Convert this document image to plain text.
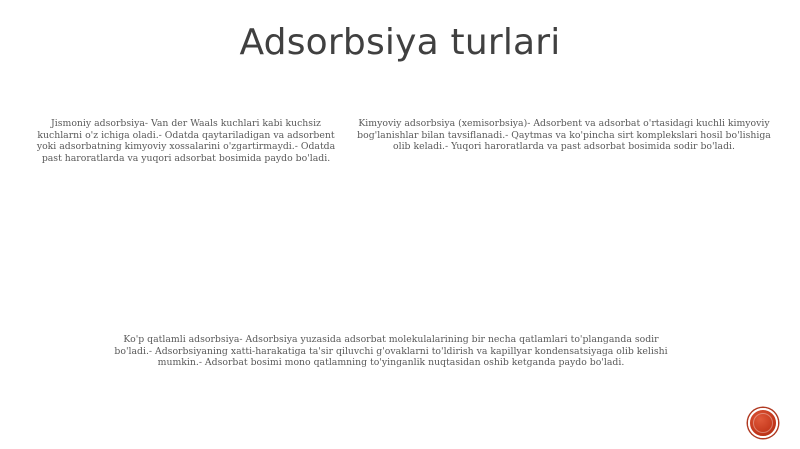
Adsorbsiya turlari

Jismoniy adsorbsiya- Van der Waals kuchlari kabi kuchsiz kuchlarni o'z ichiga oladi.- Odatda qaytariladigan va adsorbent yoki adsorbatning kimyoviy xossalarini o'zgartirmaydi.- Odatda past haroratlarda va yuqori adsorbat bosimida paydo bo'ladi.

Kimyoviy adsorbsiya (xemisorbsiya)- Adsorbent va adsorbat o'rtasidagi kuchli kimyoviy bog'lanishlar bilan tavsiflanadi.- Qaytmas va ko'pincha sirt komplekslari hosil bo'lishiga olib keladi.- Yuqori haroratlarda va past adsorbat bosimida sodir bo'ladi.

Ko'p qatlamli adsorbsiya- Adsorbsiya yuzasida adsorbat molekulalarining bir necha qatlamlari to'planganda sodir bo'ladi.- Adsorbsiyaning xatti-harakatiga ta'sir qiluvchi g'ovaklarni to'ldirish va kapillyar kondensatsiyaga olib kelishi mumkin.- Adsorbat bosimi mono qatlamning to'yinganlik nuqtasidan oshib ketganda paydo bo'ladi.
